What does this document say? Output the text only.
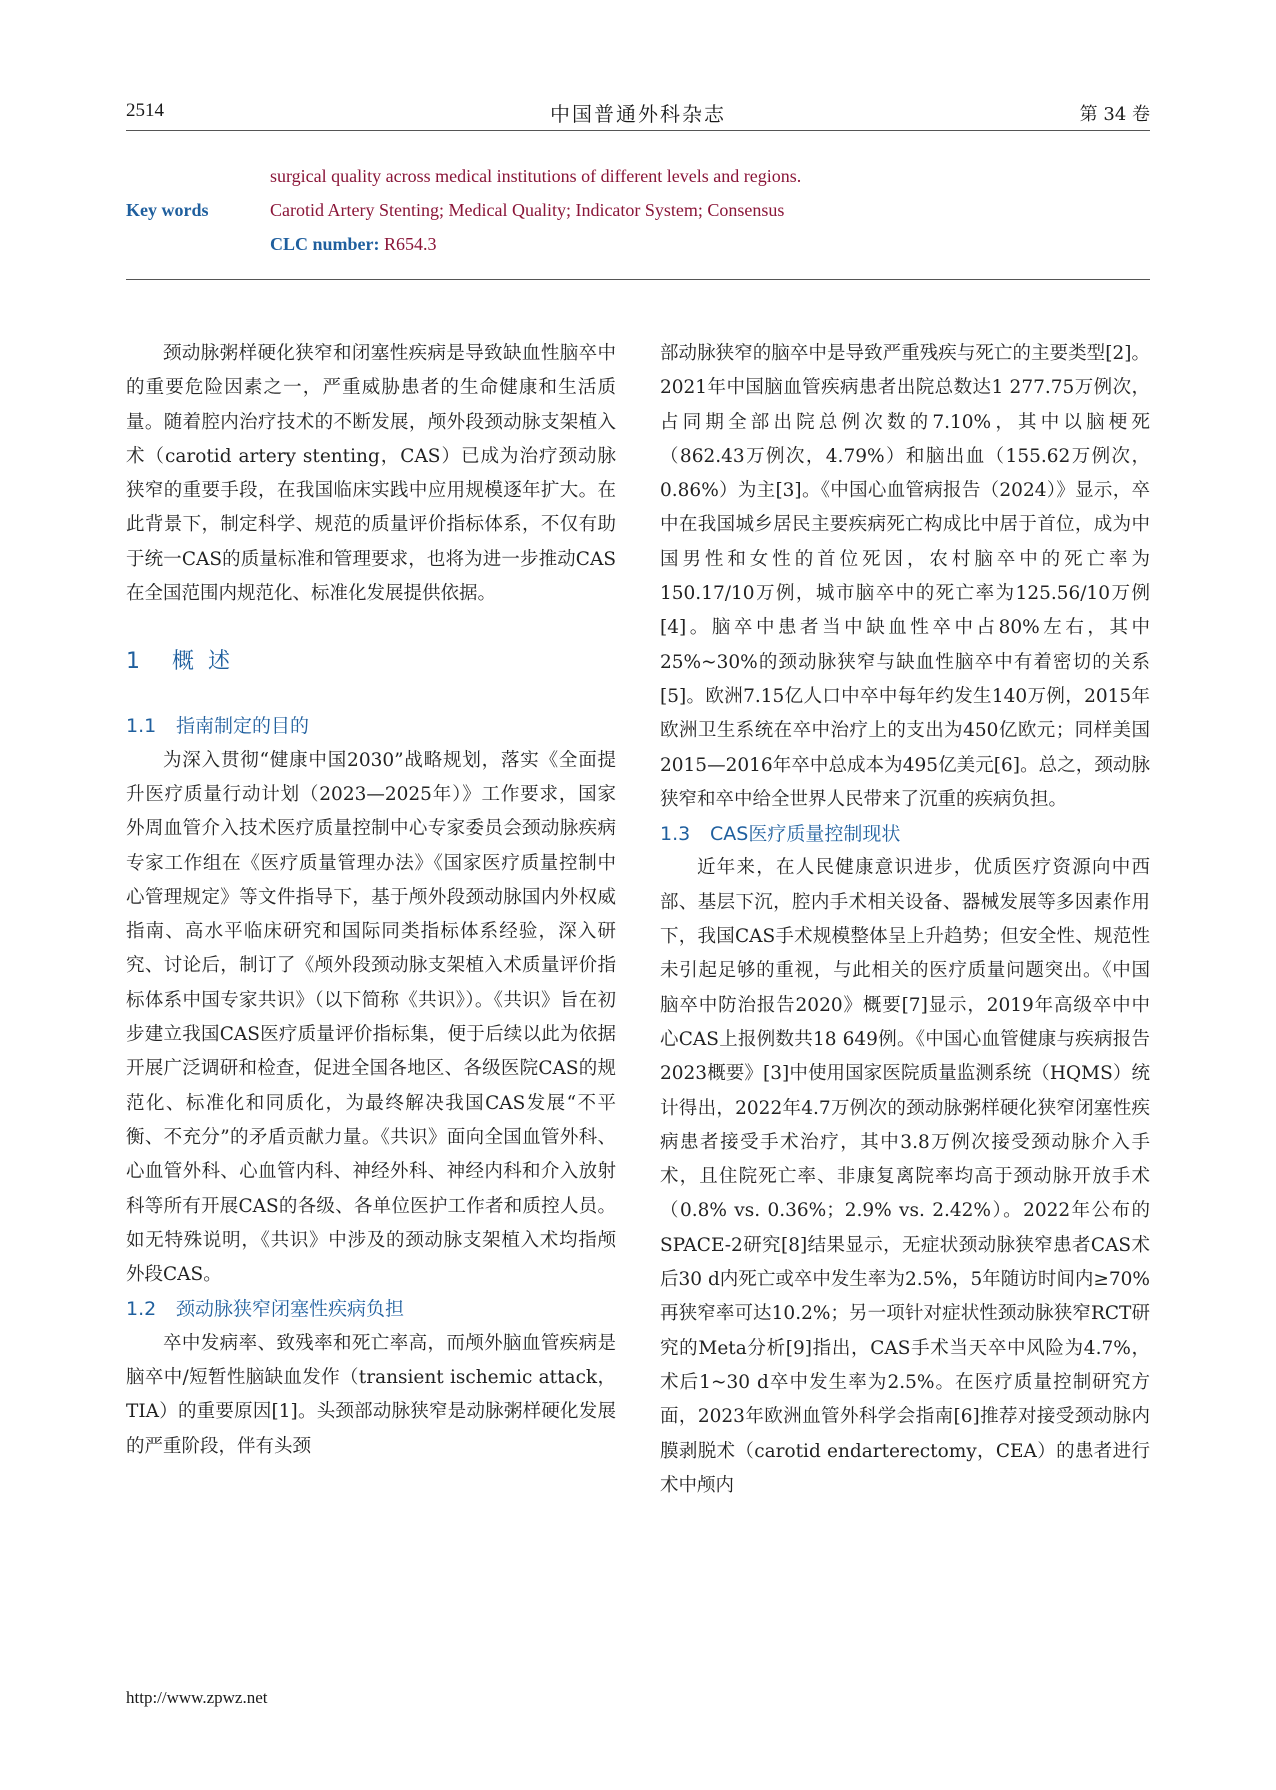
2514	中国普通外科杂志	第 34 卷
surgical quality across medical institutions of different levels and regions.
Key words	Carotid Artery Stenting; Medical Quality; Indicator System; Consensus
CLC number: R654.3

颈动脉粥样硬化狭窄和闭塞性疾病是导致缺血性脑卒中的重要危险因素之一，严重威胁患者的生命健康和生活质量。随着腔内治疗技术的不断发展，颅外段颈动脉支架植入术（carotid artery stenting，CAS）已成为治疗颈动脉狭窄的重要手段，在我国临床实践中应用规模逐年扩大。在此背景下，制定科学、规范的质量评价指标体系，不仅有助于统一CAS的质量标准和管理要求，也将为进一步推动CAS在全国范围内规范化、标准化发展提供依据。

1 概述
1.1 指南制定的目的

为深入贯彻“健康中国2030”战略规划，落实《全面提升医疗质量行动计划（2023—2025年）》工作要求，国家外周血管介入技术医疗质量控制中心专家委员会颈动脉疾病专家工作组在《医疗质量管理办法》《国家医疗质量控制中心管理规定》等文件指导下，基于颅外段颈动脉国内外权威指南、高水平临床研究和国际同类指标体系经验，深入研究、讨论后，制订了《颅外段颈动脉支架植入术质量评价指标体系中国专家共识》（以下简称《共识》）。《共识》旨在初步建立我国CAS医疗质量评价指标集，便于后续以此为依据开展广泛调研和检查，促进全国各地区、各级医院CAS的规范化、标准化和同质化，为最终解决我国CAS发展“不平衡、不充分”的矛盾贡献力量。《共识》面向全国血管外科、心血管外科、心血管内科、神经外科、神经内科和介入放射科等所有开展CAS的各级、各单位医护工作者和质控人员。如无特殊说明，《共识》中涉及的颈动脉支架植入术均指颅外段CAS。

1.2 颈动脉狭窄闭塞性疾病负担

卒中发病率、致残率和死亡率高，而颅外脑血管疾病是脑卒中/短暂性脑缺血发作（transient ischemic attack，TIA）的重要原因[1]。头颈部动脉狭窄是动脉粥样硬化发展的严重阶段，伴有头颈

部动脉狭窄的脑卒中是导致严重残疾与死亡的主要类型[2]。2021年中国脑血管疾病患者出院总数达1 277.75万例次，占同期全部出院总例次数的7.10%，其中以脑梗死（862.43万例次，4.79%）和脑出血（155.62万例次，0.86%）为主[3]。《中国心血管病报告（2024）》显示，卒中在我国城乡居民主要疾病死亡构成比中居于首位，成为中国男性和女性的首位死因，农村脑卒中的死亡率为150.17/10万例，城市脑卒中的死亡率为125.56/10万例[4]。脑卒中患者当中缺血性卒中占80%左右，其中25%~30%的颈动脉狭窄与缺血性脑卒中有着密切的关系[5]。欧洲7.15亿人口中卒中每年约发生140万例，2015年欧洲卫生系统在卒中治疗上的支出为450亿欧元；同样美国2015—2016年卒中总成本为495亿美元[6]。总之，颈动脉狭窄和卒中给全世界人民带来了沉重的疾病负担。

1.3 CAS医疗质量控制现状

近年来，在人民健康意识进步，优质医疗资源向中西部、基层下沉，腔内手术相关设备、器械发展等多因素作用下，我国CAS手术规模整体呈上升趋势；但安全性、规范性未引起足够的重视，与此相关的医疗质量问题突出。《中国脑卒中防治报告2020》概要[7]显示，2019年高级卒中中心CAS上报例数共18 649例。《中国心血管健康与疾病报告2023概要》[3]中使用国家医院质量监测系统（HQMS）统计得出，2022年4.7万例次的颈动脉粥样硬化狭窄闭塞性疾病患者接受手术治疗，其中3.8万例次接受颈动脉介入手术，且住院死亡率、非康复离院率均高于颈动脉开放手术（0.8% vs. 0.36%；2.9% vs. 2.42%）。2022年公布的SPACE-2研究[8]结果显示，无症状颈动脉狭窄患者CAS术后30 d内死亡或卒中发生率为2.5%，5年随访时间内≥70%再狭窄率可达10.2%；另一项针对症状性颈动脉狭窄RCT研究的Meta分析[9]指出，CAS手术当天卒中风险为4.7%，术后1~30 d卒中发生率为2.5%。在医疗质量控制研究方面，2023年欧洲血管外科学会指南[6]推荐对接受颈动脉内膜剥脱术（carotid endarterectomy，CEA）的患者进行术中颅内

http://www.zpwz.net
